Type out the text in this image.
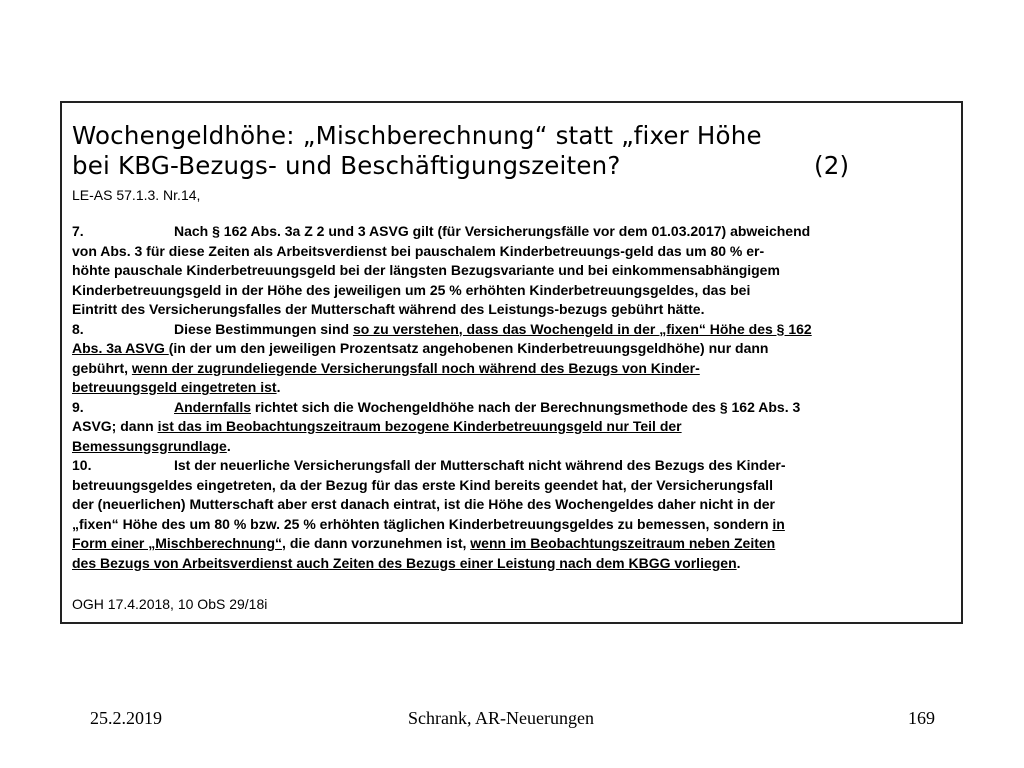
Wochengeldhöhe: „Mischberechnung“ statt „fixer Höhe
bei KBG-Bezugs- und Beschäftigungszeiten?	(2)
LE-AS 57.1.3. Nr.14,
7.	Nach § 162 Abs. 3a Z 2 und 3 ASVG gilt (für Versicherungsfälle vor dem 01.03.2017) abweichend
von Abs. 3 für diese Zeiten als Arbeitsverdienst bei pauschalem Kinderbetreuungs-geld das um 80 % er-
höhte pauschale Kinderbetreuungsgeld bei der längsten Bezugsvariante und bei einkommensabhängigem
Kinderbetreuungsgeld in der Höhe des jeweiligen um 25 % erhöhten Kinderbetreuungsgeldes, das bei
Eintritt des Versicherungsfalles der Mutterschaft während des Leistungs-bezugs gebührt hätte.
8.	Diese Bestimmungen sind so zu verstehen, dass das Wochengeld in der „fixen“ Höhe des § 162
Abs. 3a ASVG (in der um den jeweiligen Prozentsatz angehobenen Kinderbetreuungsgeldhöhe) nur dann
gebührt, wenn der zugrundeliegende Versicherungsfall noch während des Bezugs von Kinder-
betreuungsgeld eingetreten ist.
9.	Andernfalls richtet sich die Wochengeldhöhe nach der Berechnungsmethode des § 162 Abs. 3
ASVG; dann ist das im Beobachtungszeitraum bezogene Kinderbetreuungsgeld nur Teil der
Bemessungsgrundlage.
10.	Ist der neuerliche Versicherungsfall der Mutterschaft nicht während des Bezugs des Kinder-
betreuungsgeldes eingetreten, da der Bezug für das erste Kind bereits geendet hat, der Versicherungsfall
der (neuerlichen) Mutterschaft aber erst danach eintrat, ist die Höhe des Wochengeldes daher nicht in der
„fixen“ Höhe des um 80 % bzw. 25 % erhöhten täglichen Kinderbetreuungsgeldes zu bemessen, sondern in
Form einer „Mischberechnung“, die dann vorzunehmen ist, wenn im Beobachtungszeitraum neben Zeiten
des Bezugs von Arbeitsverdienst auch Zeiten des Bezugs einer Leistung nach dem KBGG vorliegen.
OGH 17.4.2018, 10 ObS 29/18i
25.2.2019	Schrank, AR-Neuerungen	169
